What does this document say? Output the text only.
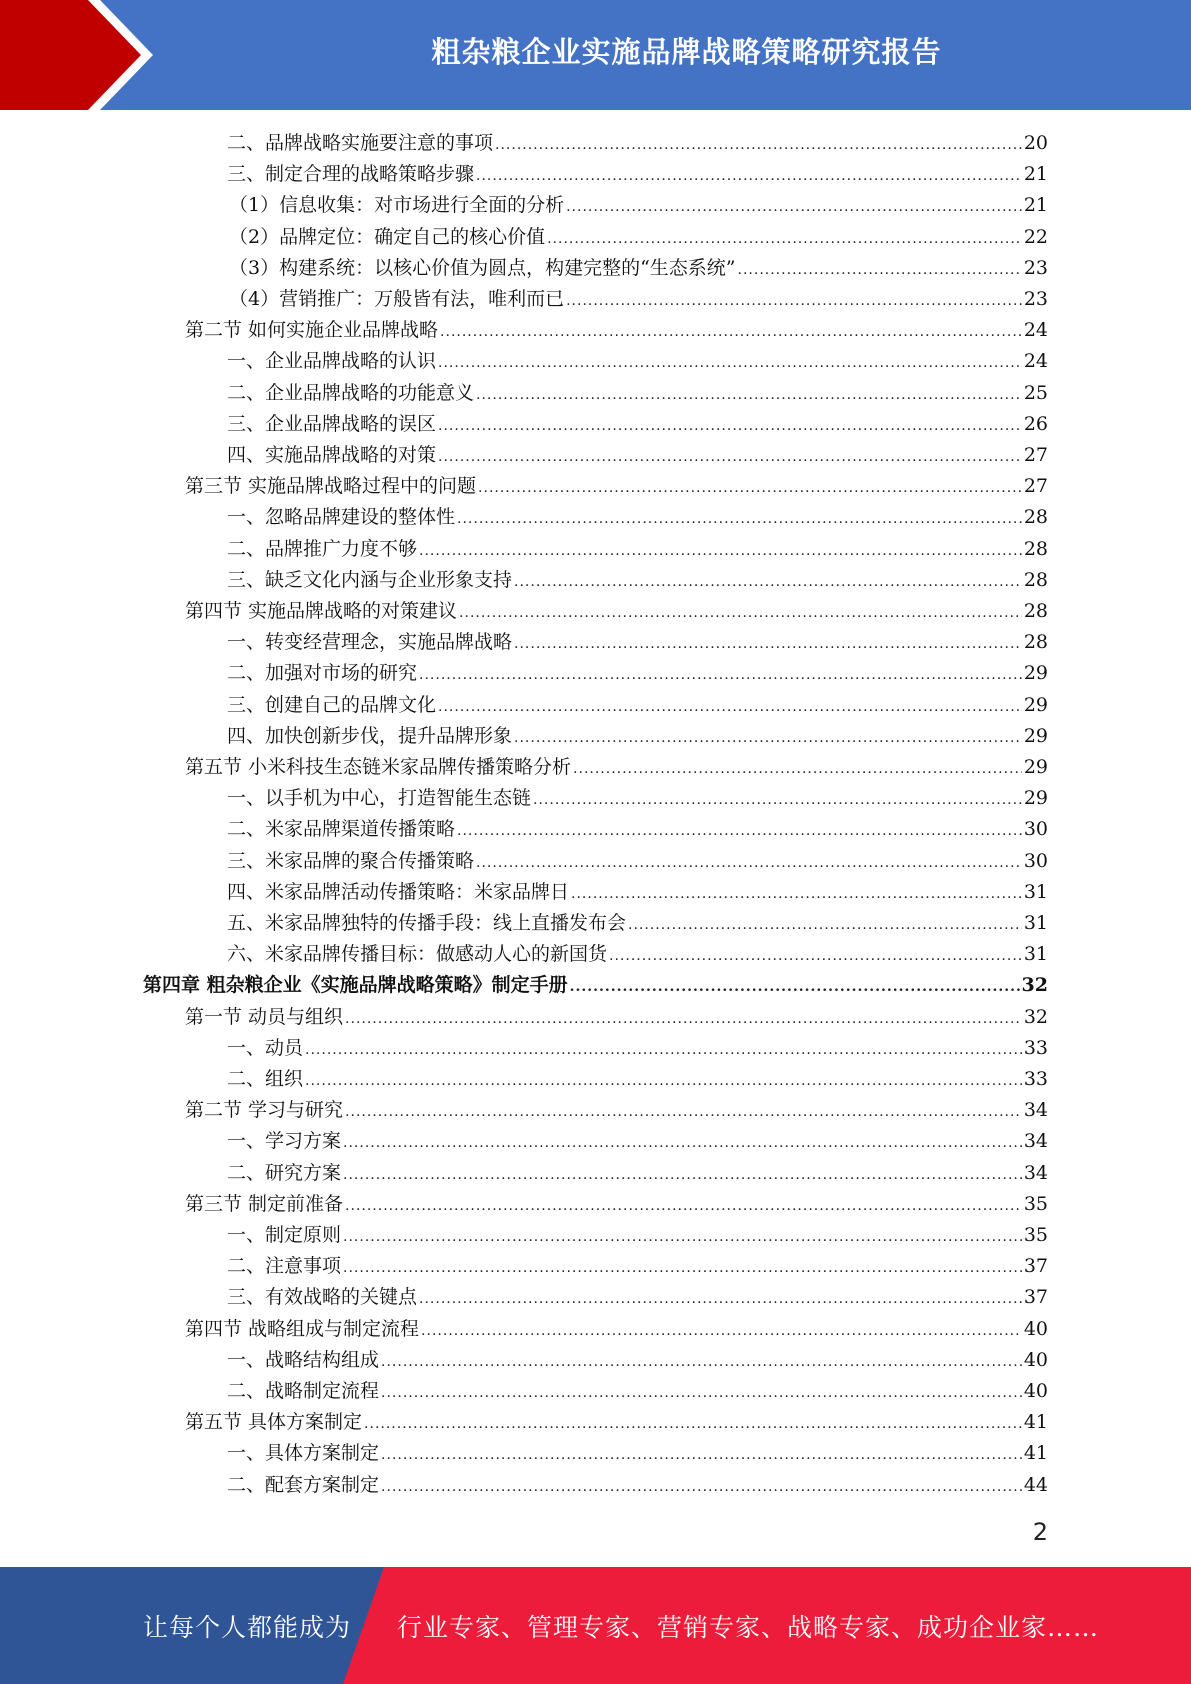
粗杂粮企业实施品牌战略策略研究报告
二、品牌战略实施要注意的事项 .....	20
三、制定合理的战略策略步骤 .....	21
（1）信息收集：对市场进行全面的分析 .....	21
（2）品牌定位：确定自己的核心价值 .....	22
（3）构建系统：以核心价值为圆点，构建完整的“生态系统” .....	23
（4）营销推广：万般皆有法，唯利而已 .....	23
第二节 如何实施企业品牌战略 .....	24
一、企业品牌战略的认识 .....	24
二、企业品牌战略的功能意义 .....	25
三、企业品牌战略的误区 .....	26
四、实施品牌战略的对策 .....	27
第三节 实施品牌战略过程中的问题 .....	27
一、忽略品牌建设的整体性 .....	28
二、品牌推广力度不够 .....	28
三、缺乏文化内涵与企业形象支持 .....	28
第四节 实施品牌战略的对策建议 .....	28
一、转变经营理念，实施品牌战略 .....	28
二、加强对市场的研究 .....	29
三、创建自己的品牌文化 .....	29
四、加快创新步伐，提升品牌形象 .....	29
第五节 小米科技生态链米家品牌传播策略分析 .....	29
一、以手机为中心，打造智能生态链 .....	29
二、米家品牌渠道传播策略 .....	30
三、米家品牌的聚合传播策略 .....	30
四、米家品牌活动传播策略：米家品牌日 .....	31
五、米家品牌独特的传播手段：线上直播发布会 .....	31
六、米家品牌传播目标：做感动人心的新国货 .....	31
第四章 粗杂粮企业《实施品牌战略策略》制定手册 .....	32
第一节 动员与组织 .....	32
一、动员 .....	33
二、组织 .....	33
第二节 学习与研究 .....	34
一、学习方案 .....	34
二、研究方案 .....	34
第三节 制定前准备 .....	35
一、制定原则 .....	35
二、注意事项 .....	37
三、有效战略的关键点 .....	37
第四节 战略组成与制定流程 .....	40
一、战略结构组成 .....	40
二、战略制定流程 .....	40
第五节 具体方案制定 .....	41
一、具体方案制定 .....	41
二、配套方案制定 .....	44
2
让每个人都能成为 行业专家、管理专家、营销专家、战略专家、成功企业家……
